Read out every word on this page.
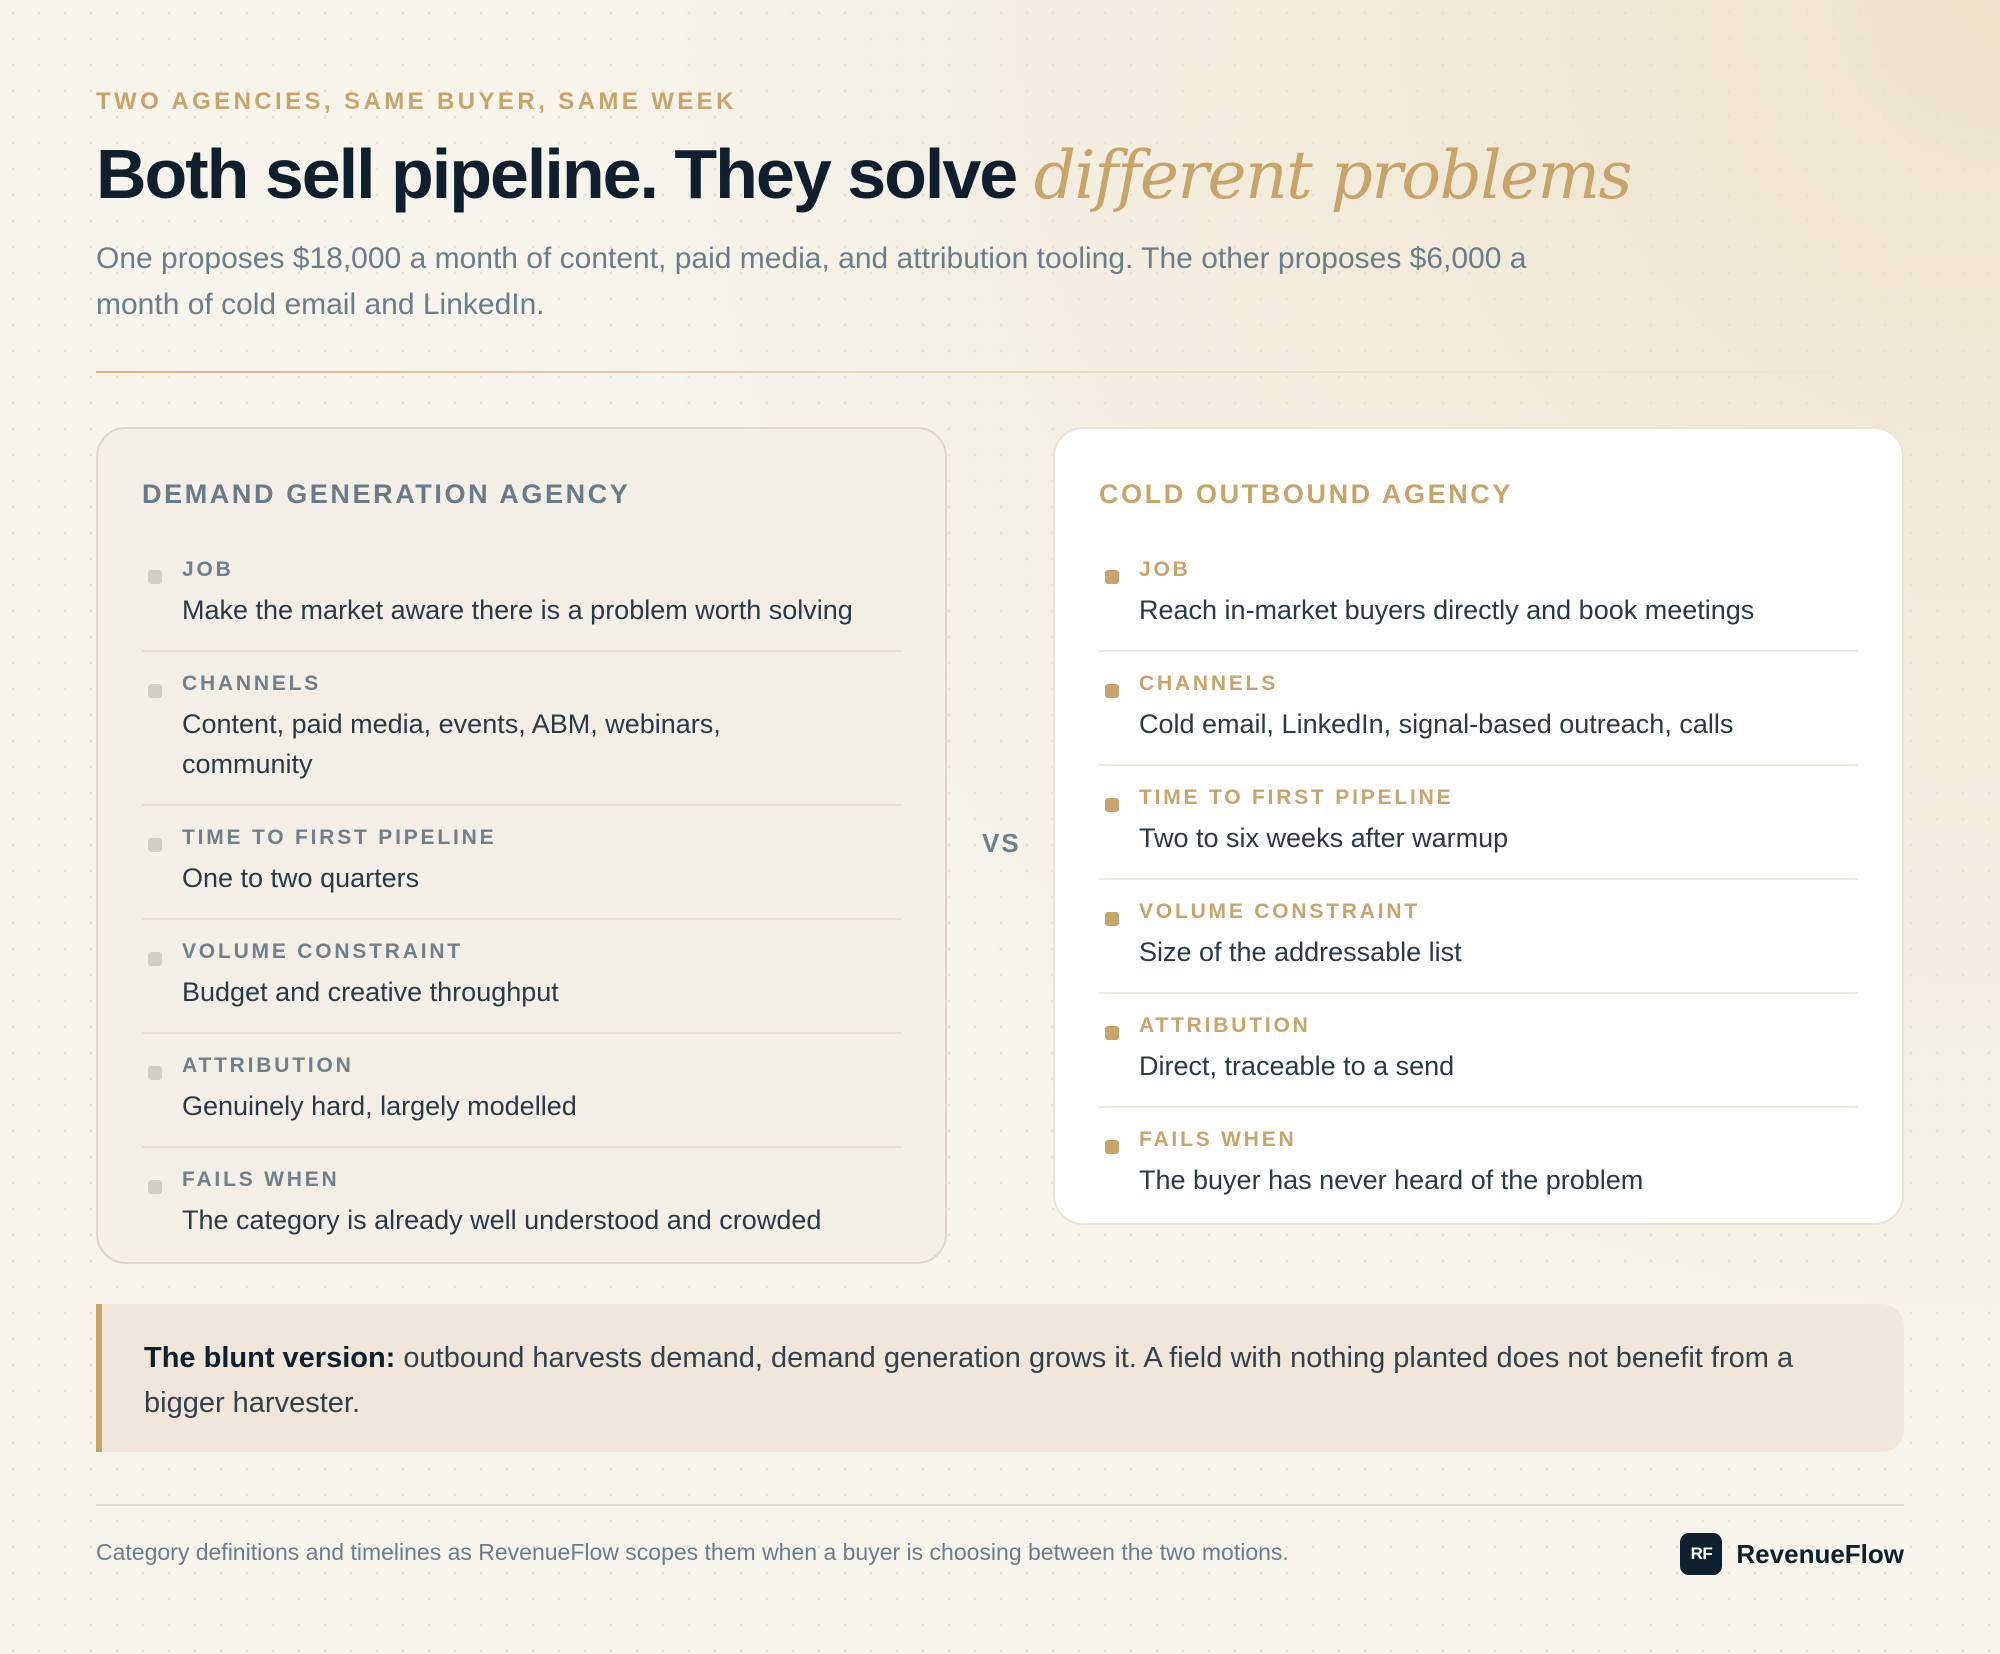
TWO AGENCIES, SAME BUYER, SAME WEEK
Both sell pipeline. They solve different problems

One proposes $18,000 a month of content, paid media, and attribution tooling. The other proposes $6,000 a month of cold email and LinkedIn.

DEMAND GENERATION AGENCY
JOB
Make the market aware there is a problem worth solving
CHANNELS
Content, paid media, events, ABM, webinars, community
TIME TO FIRST PIPELINE
One to two quarters
VOLUME CONSTRAINT
Budget and creative throughput
ATTRIBUTION
Genuinely hard, largely modelled
FAILS WHEN
The category is already well understood and crowded
VS
COLD OUTBOUND AGENCY
JOB
Reach in-market buyers directly and book meetings
CHANNELS
Cold email, LinkedIn, signal-based outreach, calls
TIME TO FIRST PIPELINE
Two to six weeks after warmup
VOLUME CONSTRAINT
Size of the addressable list
ATTRIBUTION
Direct, traceable to a send
FAILS WHEN
The buyer has never heard of the problem
The blunt version: outbound harvests demand, demand generation grows it. A field with nothing planted does not benefit from a bigger harvester.
Category definitions and timelines as RevenueFlow scopes them when a buyer is choosing between the two motions.	RF RevenueFlow
